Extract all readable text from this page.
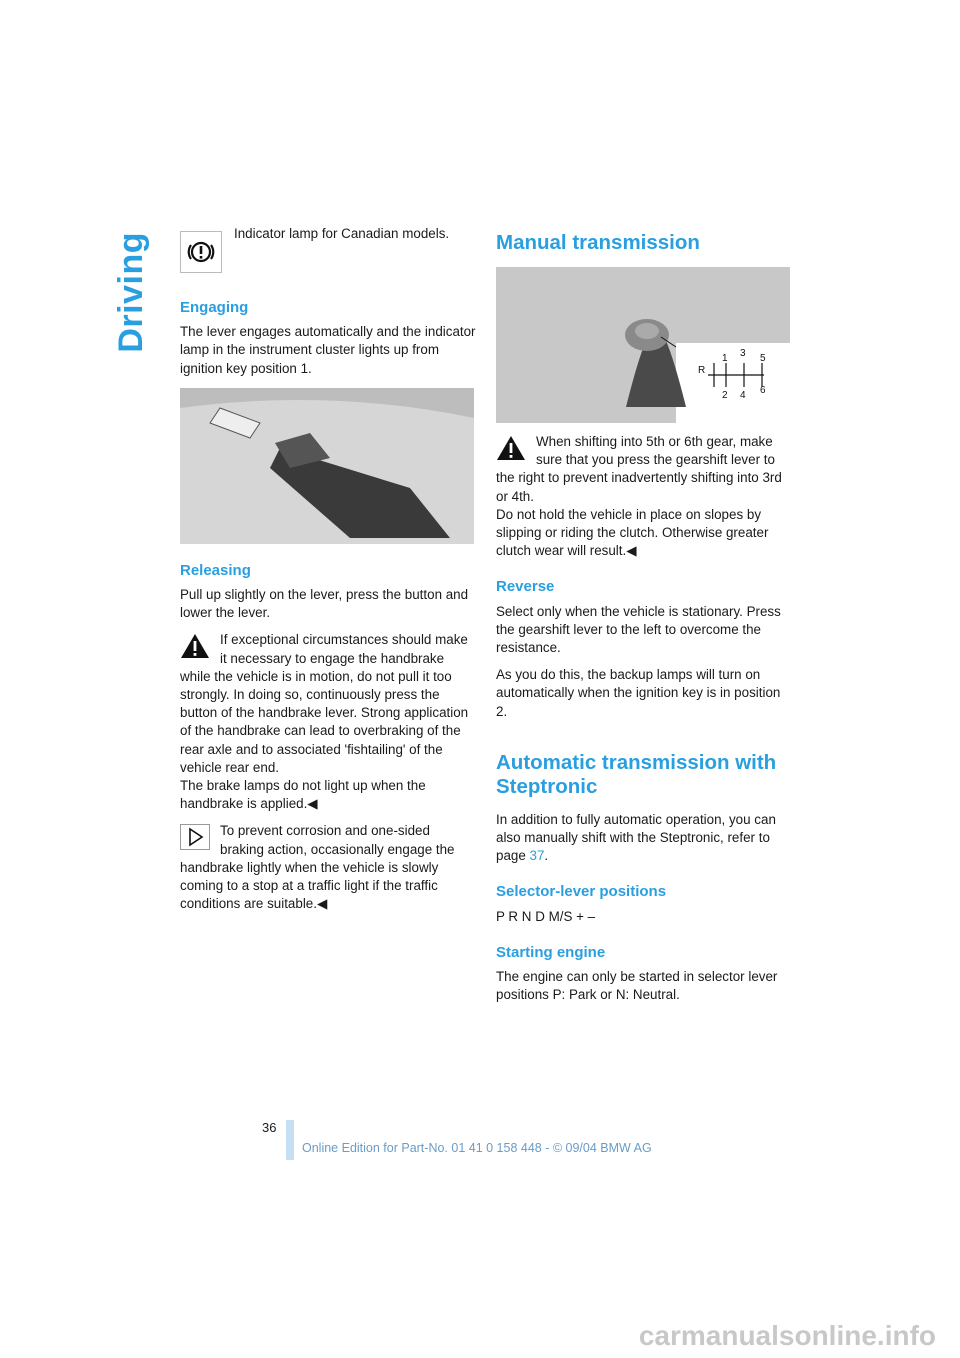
Driving	Indicator lamp for Canadian models.
Engaging

The lever engages automatically and the indicator lamp in the instrument cluster lights up from ignition key position 1.

Releasing

Pull up slightly on the lever, press the button and lower the lever.

If exceptional circumstances should make it necessary to engage the handbrake while the vehicle is in motion, do not pull it too strongly. In doing so, continuously press the button of the handbrake lever. Strong application of the handbrake can lead to overbraking of the rear axle and to associated 'fishtailing' of the vehicle rear end.

The brake lamps do not light up when the handbrake is applied.◀

To prevent corrosion and one-sided braking action, occasionally engage the handbrake lightly when the vehicle is slowly coming to a stop at a traffic light if the traffic conditions are suitable.◀
Manual transmission
R
1
2
3
4
5
6
When shifting into 5th or 6th gear, make sure that you press the gearshift lever to the right to prevent inadvertently shifting into 3rd or 4th.

Do not hold the vehicle in place on slopes by slipping or riding the clutch. Otherwise greater clutch wear will result.◀

Reverse

Select only when the vehicle is stationary. Press the gearshift lever to the left to overcome the resistance.

As you do this, the backup lamps will turn on automatically when the ignition key is in position 2.

Automatic transmission with Steptronic

In addition to fully automatic operation, you can also manually shift with the Steptronic, refer to page 37.

Selector-lever positions

P R N D M/S + –

Starting engine

The engine can only be started in selector lever positions P: Park or N: Neutral.

36
Online Edition for Part-No. 01 41 0 158 448 - © 09/04 BMW AG
carmanualsonline.info
